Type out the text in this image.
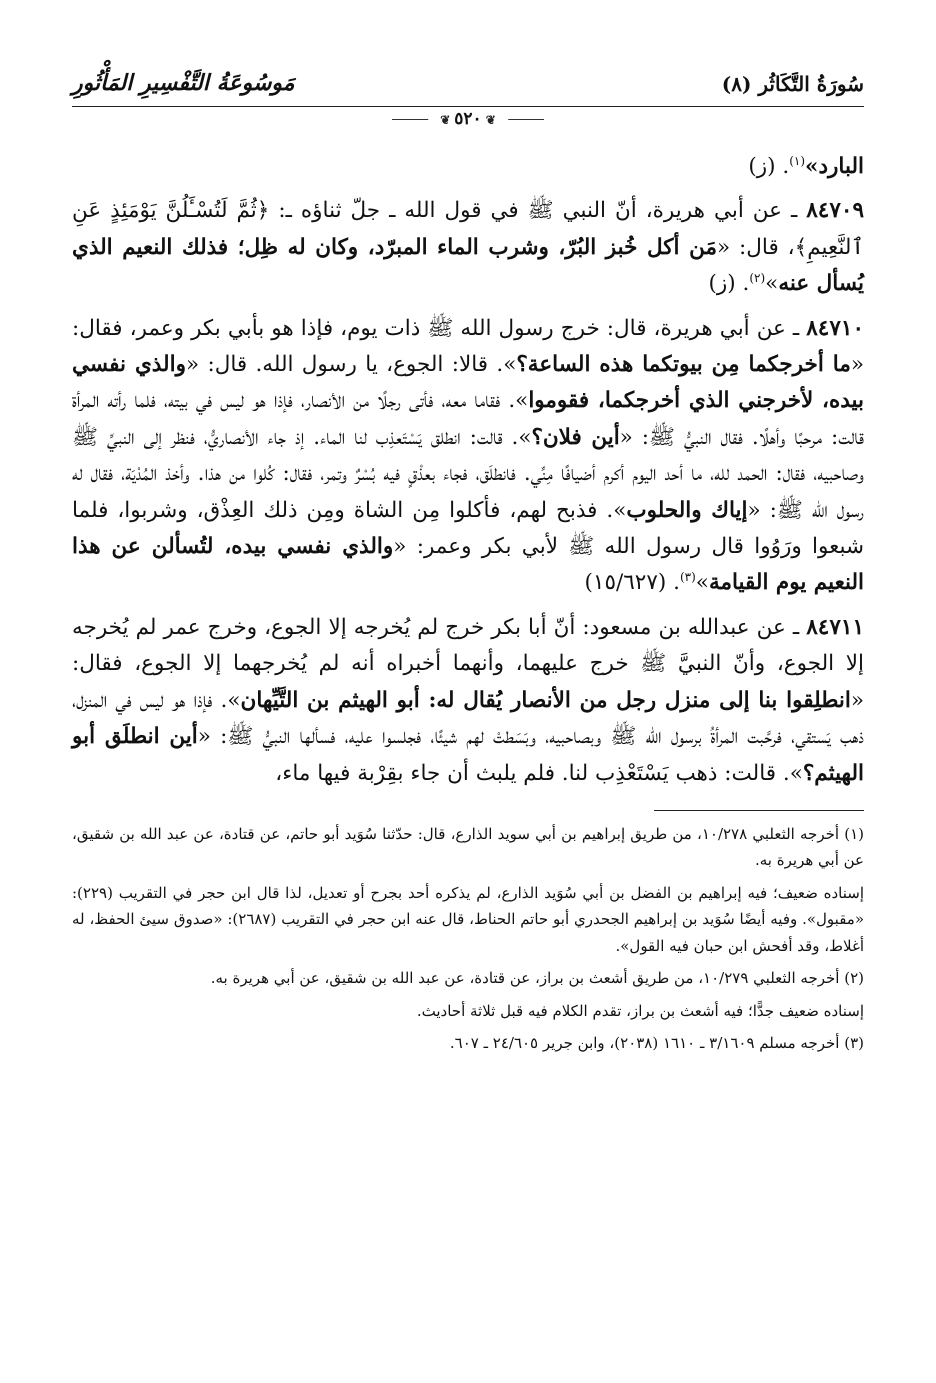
سُورَةُ التَّكَاثُر (٨)
مَوسُوعَةُ التَّفْسِيرِ المَأْثُورِ
❦٥٢٠❦

البارد»$^{(١)}$. (ز)

٨٤٧٠٩ ـ عن أبي هريرة، أنّ النبي ﷺ في قول الله ـ جلّ ثناؤه ـ: ﴿ثُمَّ لَتُسْـَٔلُنَّ يَوْمَئِذٍ عَنِ ٱلنَّعِيمِ﴾، قال: «مَن أكل خُبز البُرّ، وشرب الماء المبرّد، وكان له ظِل؛ فذلك النعيم الذي يُسأل عنه»$^{(٢)}$. (ز)

٨٤٧١٠ ـ عن أبي هريرة، قال: خرج رسول الله ﷺ ذات يوم، فإذا هو بأبي بكر وعمر، فقال: «ما أخرجكما مِن بيوتكما هذه الساعة؟». قالا: الجوع، يا رسول الله. قال: «والذي نفسي بيده، لأخرجني الذي أخرجكما، فقوموا». فقاما معه، فأتى رجلًا من الأنصار، فإذا هو ليس في بيته، فلما رأته المرأة قالت: مرحبًا وأهلًا. فقال النبيُّ ﷺ: «أين فلان؟». قالت: انطلق يَسْتَعذِب لنا الماء. إذ جاء الأنصاريُّ، فنظر إلى النبيِّ ﷺ وصاحبيه، فقال: الحمد لله، ما أحد اليوم أكرم أضيافًا مِنِّي. فانطلَق، فجاء بعذْقٍ فيه بُسْرٌ وتمر، فقال: كُلوا من هذا. وأخذ المُدْيَة، فقال له رسول الله ﷺ: «إياك والحلوب». فذبح لهم، فأكلوا مِن الشاة ومِن ذلك العِذْق، وشربوا، فلما شبعوا ورَوُوا قال رسول الله ﷺ لأبي بكر وعمر: «والذي نفسي بيده، لتُسألن عن هذا النعيم يوم القيامة»$^{(٣)}$. (١٥/٦٢٧)

٨٤٧١١ ـ عن عبدالله بن مسعود: أنّ أبا بكر خرج لم يُخرجه إلا الجوع، وخرج عمر لم يُخرجه إلا الجوع، وأنّ النبيَّ ﷺ خرج عليهما، وأنهما أخبراه أنه لم يُخرجهما إلا الجوع، فقال: «انطلِقوا بنا إلى منزل رجل من الأنصار يُقال له: أبو الهيثم بن التَّيِّهان». فإذا هو ليس في المنزل، ذهب يَستقي، فرحَّبت المرأةُ برسول الله ﷺ وبصاحبيه، وبَسَطتْ لهم شيئًا، فجلسوا عليه، فسألها النبيُّ ﷺ: «أين انطلَق أبو الهيثم؟». قالت: ذهب يَسْتَعْذِب لنا. فلم يلبث أن جاء بقِرْبة فيها ماء،

(١) أخرجه الثعلبي ١٠/٢٧٨، من طريق إبراهيم بن أبي سويد الذارع، قال: حدّثنا سُوَيد أبو حاتم، عن قتادة، عن عبد الله بن شقيق، عن أبي هريرة به.

إسناده ضعيف؛ فيه إبراهيم بن الفضل بن أبي سُوَيد الذارع، لم يذكره أحد بجرح أو تعديل، لذا قال ابن حجر في التقريب (٢٢٩): «مقبول». وفيه أيضًا سُوَيد بن إبراهيم الجحدري أبو حاتم الحناط، قال عنه ابن حجر في التقريب (٢٦٨٧): «صدوق سيئ الحفظ، له أغلاط، وقد أفحش ابن حبان فيه القول».

(٢) أخرجه الثعلبي ١٠/٢٧٩، من طريق أشعث بن براز، عن قتادة، عن عبد الله بن شقيق، عن أبي هريرة به.

إسناده ضعيف جدًّا؛ فيه أشعث بن براز، تقدم الكلام فيه قبل ثلاثة أحاديث.

(٣) أخرجه مسلم ٣/١٦٠٩ ـ ١٦١٠ (٢٠٣٨)، وابن جرير ٢٤/٦٠٥ ـ ٦٠٧.
